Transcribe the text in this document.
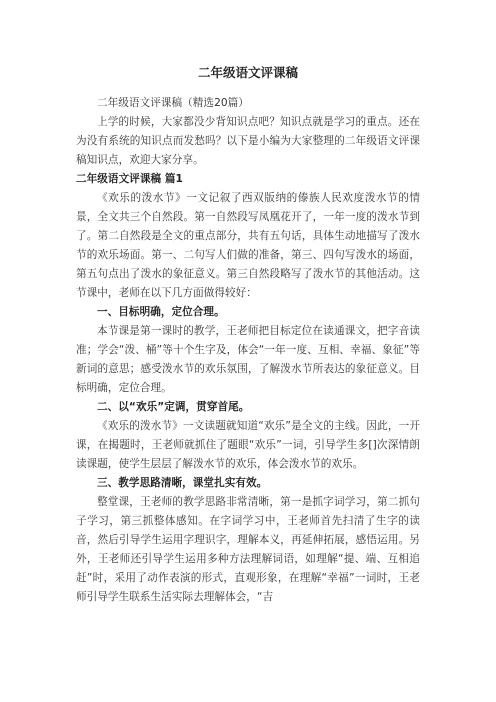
二年级语文评课稿

二年级语文评课稿（精选20篇）

上学的时候，大家都没少背知识点吧？知识点就是学习的重点。还在为没有系统的知识点而发愁吗？以下是小编为大家整理的二年级语文评课稿知识点，欢迎大家分享。

二年级语文评课稿 篇1

《欢乐的泼水节》一文记叙了西双版纳的傣族人民欢度泼水节的情景，全文共三个自然段。第一自然段写凤凰花开了，一年一度的泼水节到了。第二自然段是全文的重点部分，共有五句话，具体生动地描写了泼水节的欢乐场面。第一、二句写人们做的准备，第三、四句写泼水的场面，第五句点出了泼水的象征意义。第三自然段略写了泼水节的其他活动。这节课中，老师在以下几方面做得较好：

一、目标明确，定位合理。

本节课是第一课时的教学，王老师把目标定位在读通课文，把字音读准；学会“泼、桶”等十个生字及，体会“一年一度、互相、幸福、象征”等新词的意思；感受泼水节的欢乐氛围，了解泼水节所表达的象征意义。目标明确，定位合理。

二、以“欢乐”定调，贯穿首尾。

《欢乐的泼水节》一文读题就知道“欢乐”是全文的主线。因此，一开课，在揭题时，王老师就抓住了题眼“欢乐”一词，引导学生多[]次深情朗读课题，使学生层层了解泼水节的欢乐，体会泼水节的欢乐。

三、教学思路清晰，课堂扎实有效。

整堂课，王老师的教学思路非常清晰，第一是抓字词学习，第二抓句子学习，第三抓整体感知。在字词学习中，王老师首先扫清了生字的读音，然后引导学生运用字理识字，理解本义，再延伸拓展，感悟运用。另外，王老师还引导学生运用多种方法理解词语，如理解“提、端、互相追赶”时，采用了动作表演的形式，直观形象，在理解“幸福”一词时，王老师引导学生联系生活实际去理解体会，“吉
